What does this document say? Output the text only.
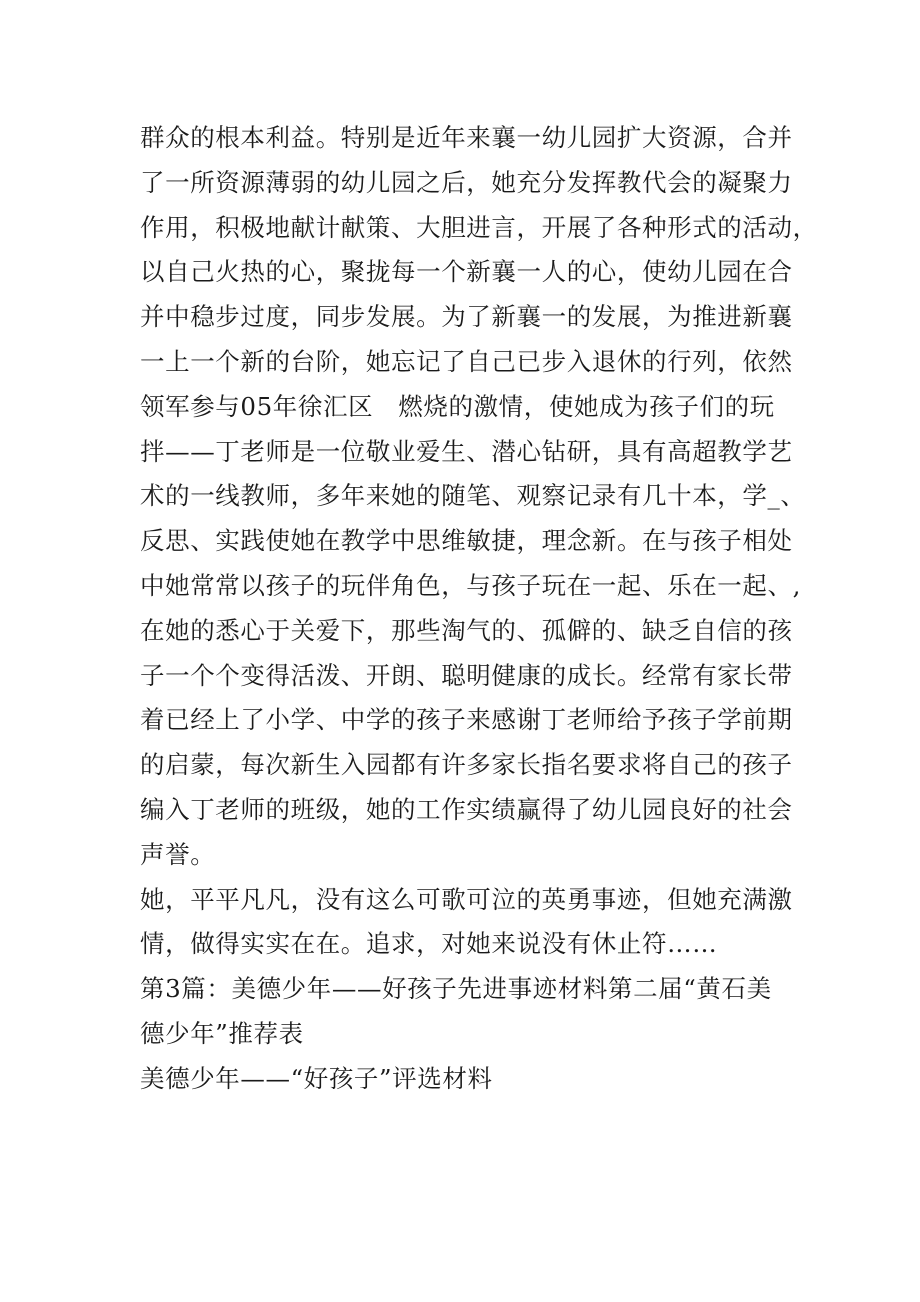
群众的根本利益。特别是近年来襄一幼儿园扩大资源，合并
了一所资源薄弱的幼儿园之后，她充分发挥教代会的凝聚力
作用，积极地献计献策、大胆进言，开展了各种形式的活动，
以自己火热的心，聚拢每一个新襄一人的心，使幼儿园在合
并中稳步过度，同步发展。为了新襄一的发展，为推进新襄
一上一个新的台阶，她忘记了自己已步入退休的行列，依然
领军参与05年徐汇区　燃烧的激情，使她成为孩子们的玩
拌——丁老师是一位敬业爱生、潜心钻研，具有高超教学艺
术的一线教师，多年来她的随笔、观察记录有几十本，学_、
反思、实践使她在教学中思维敏捷，理念新。在与孩子相处
中她常常以孩子的玩伴角色，与孩子玩在一起、乐在一起、,
在她的悉心于关爱下，那些淘气的、孤僻的、缺乏自信的孩
子一个个变得活泼、开朗、聪明健康的成长。经常有家长带
着已经上了小学、中学的孩子来感谢丁老师给予孩子学前期
的启蒙，每次新生入园都有许多家长指名要求将自己的孩子
编入丁老师的班级，她的工作实绩赢得了幼儿园良好的社会
声誉。
她，平平凡凡，没有这么可歌可泣的英勇事迹，但她充满激
情，做得实实在在。追求，对她来说没有休止符……
第3篇：美德少年——好孩子先进事迹材料第二届“黄石美
德少年”推荐表
美德少年——“好孩子”评选材料
